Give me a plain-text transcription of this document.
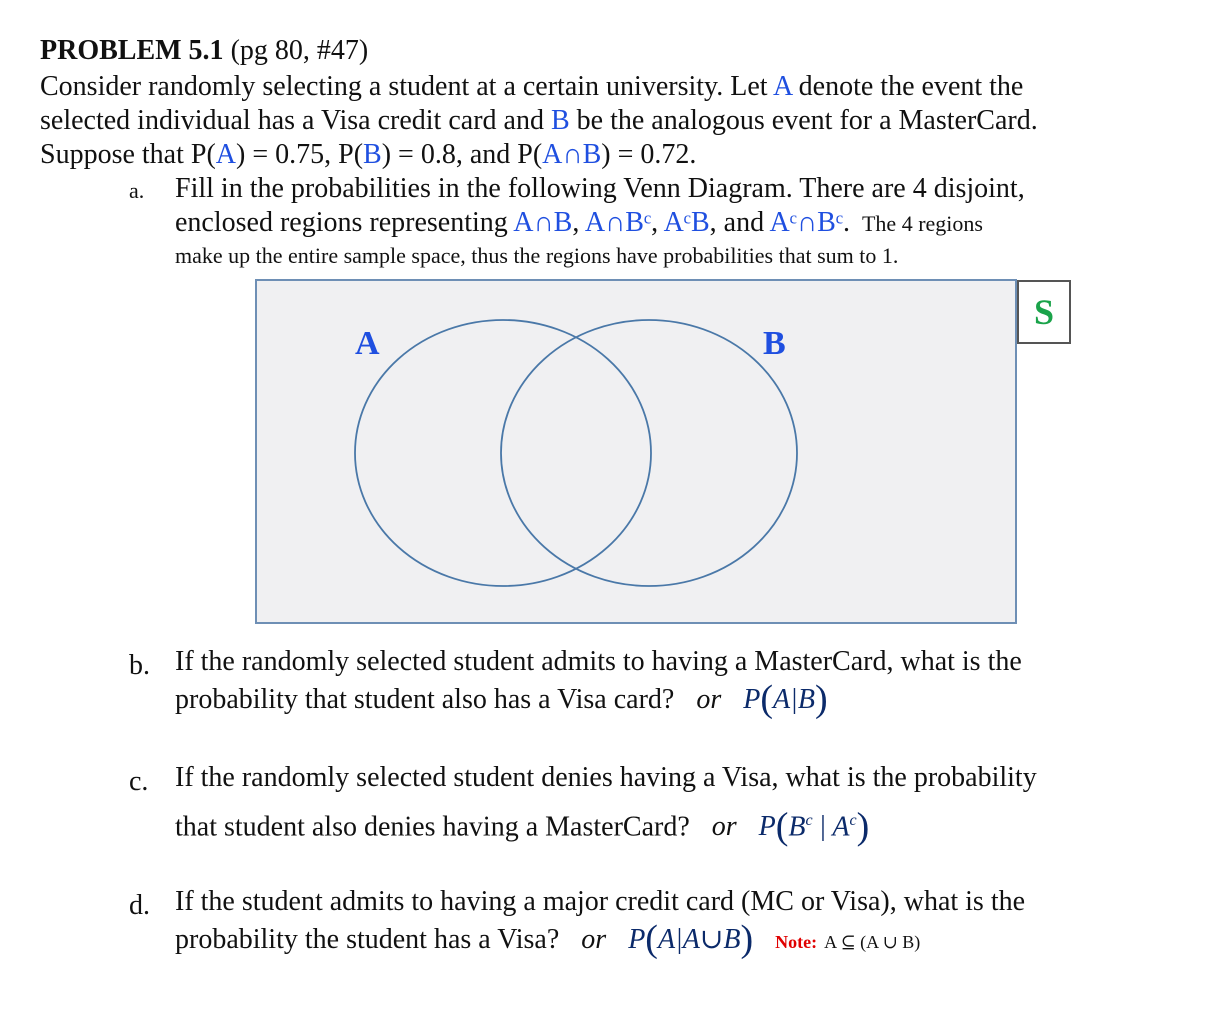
PROBLEM 5.1 (pg 80, #47)
Consider randomly selecting a student at a certain university. Let A denote the event the
selected individual has a Visa credit card and B be the analogous event for a MasterCard.
Suppose that P(A) = 0.75, P(B) = 0.8, and P(A∩B) = 0.72.
a. Fill in the probabilities in the following Venn Diagram. There are 4 disjoint,
enclosed regions representing A∩B, A∩Bᶜ, AᶜB, and Aᶜ∩Bᶜ. The 4 regions
make up the entire sample space, thus the regions have probabilities that sum to 1.
A	B
S
b. If the randomly selected student admits to having a MasterCard, what is the
probability that student also has a Visa card? or P(A|B)
c. If the randomly selected student denies having a Visa, what is the probability
that student also denies having a MasterCard? or $P(B^c$ | $A^c$)
d. If the student admits to having a major credit card (MC or Visa), what is the
probability the student has a Visa? or P(A|A∪B) Note: A ⊆ (A ∪ B)
